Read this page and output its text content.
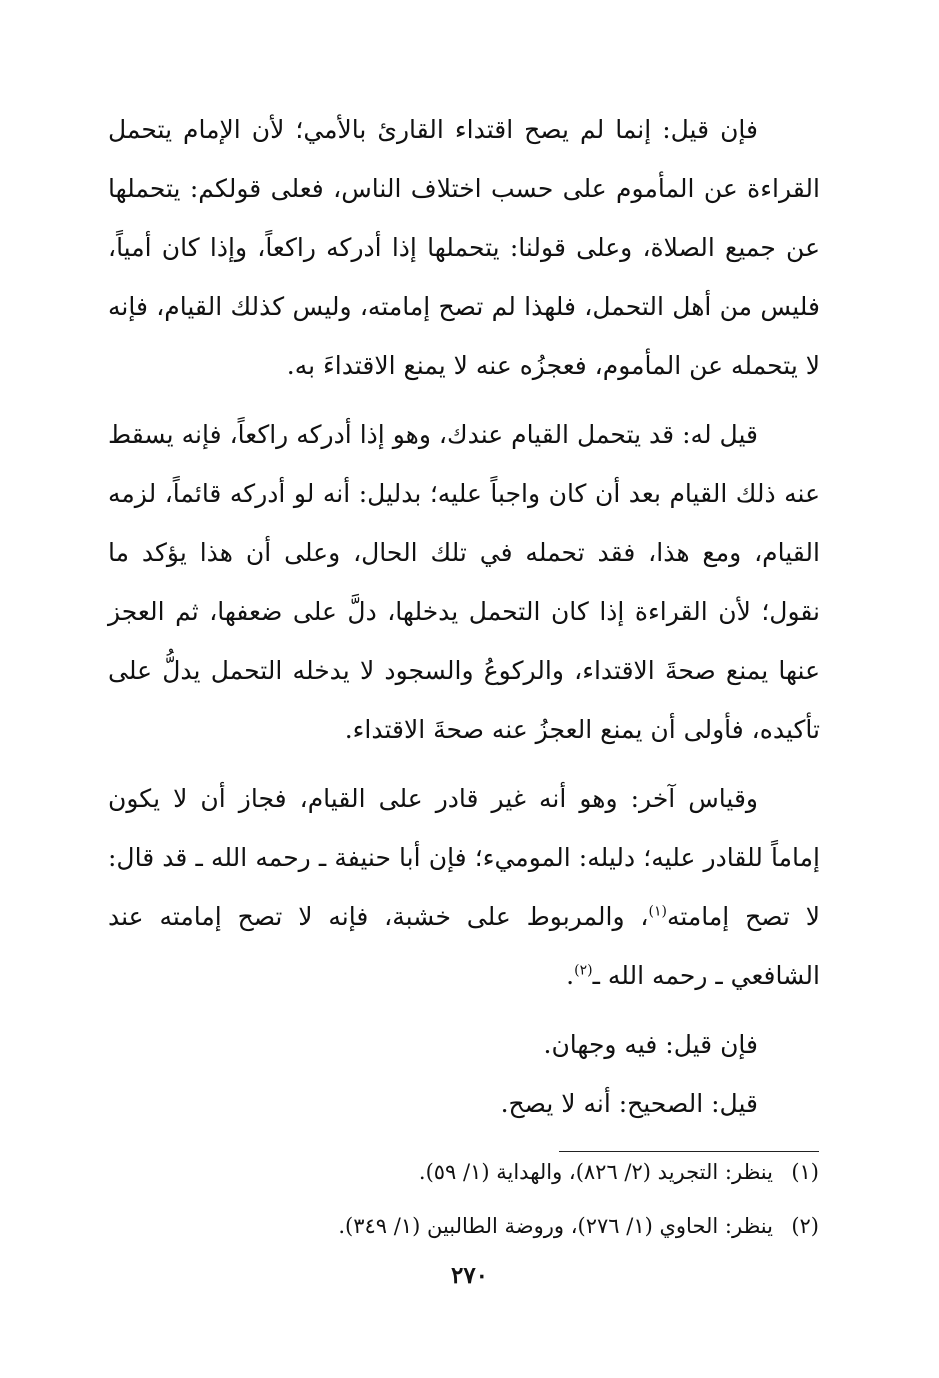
فإن قيل: إنما لم يصح اقتداء القارئ بالأمي؛ لأن الإمام يتحمل القراءة عن المأموم على حسب اختلاف الناس، فعلى قولكم: يتحملها عن جميع الصلاة، وعلى قولنا: يتحملها إذا أدركه راكعاً، وإذا كان أمياً، فليس من أهل التحمل، فلهذا لم تصح إمامته، وليس كذلك القيام، فإنه لا يتحمله عن المأموم، فعجزُه عنه لا يمنع الاقتداءَ به.

قيل له: قد يتحمل القيام عندك، وهو إذا أدركه راكعاً، فإنه يسقط عنه ذلك القيام بعد أن كان واجباً عليه؛ بدليل: أنه لو أدركه قائماً، لزمه القيام، ومع هذا، فقد تحمله في تلك الحال، وعلى أن هذا يؤكد ما نقول؛ لأن القراءة إذا كان التحمل يدخلها، دلَّ على ضعفها، ثم العجز عنها يمنع صحةَ الاقتداء، والركوعُ والسجود لا يدخله التحمل يدلُّ على تأكيده، فأولى أن يمنع العجزُ عنه صحةَ الاقتداء.

وقياس آخر: وهو أنه غير قادر على القيام، فجاز أن لا يكون إماماً للقادر عليه؛ دليله: الموميء؛ فإن أبا حنيفة ـ رحمه الله ـ قد قال: لا تصح إمامته$^{(١)}$، والمربوط على خشبة، فإنه لا تصح إمامته عند الشافعي ـ رحمه الله ـ$^{(٢)}$.

فإن قيل: فيه وجهان.

قيل: الصحيح: أنه لا يصح.

(١)ينظر: التجريد (٢/ ٨٢٦)، والهداية (١/ ٥٩).
(٢)ينظر: الحاوي (١/ ٢٧٦)، وروضة الطالبين (١/ ٣٤٩).
٢٧٠
